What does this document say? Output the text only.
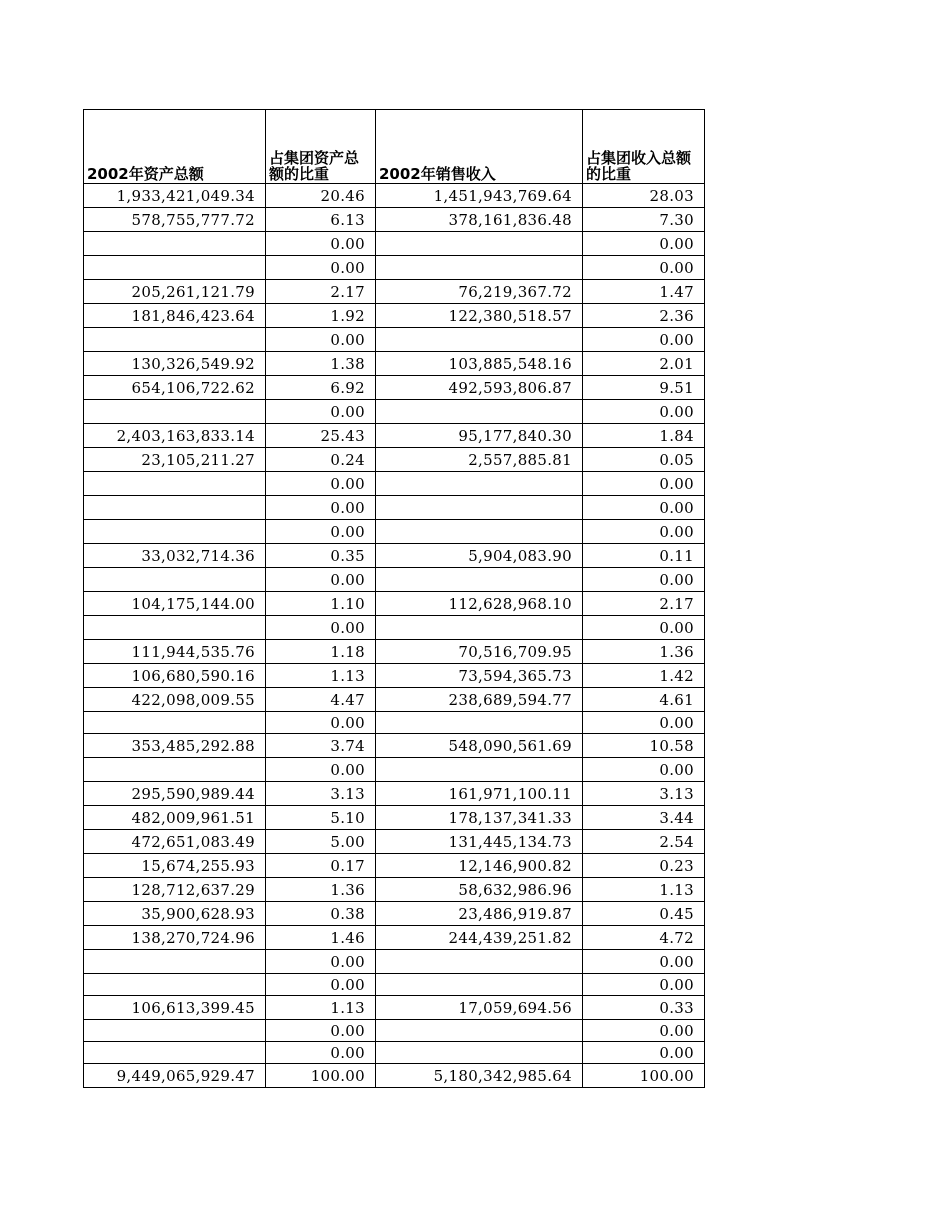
2002年资产总额	占集团资产总额的比重	2002年销售收入	占集团收入总额的比重
1,933,421,049.34	20.46	1,451,943,769.64	28.03
578,755,777.72	6.13	378,161,836.48	7.30
	0.00		0.00
	0.00		0.00
205,261,121.79	2.17	76,219,367.72	1.47
181,846,423.64	1.92	122,380,518.57	2.36
	0.00		0.00
130,326,549.92	1.38	103,885,548.16	2.01
654,106,722.62	6.92	492,593,806.87	9.51
	0.00		0.00
2,403,163,833.14	25.43	95,177,840.30	1.84
23,105,211.27	0.24	2,557,885.81	0.05
	0.00		0.00
	0.00		0.00
	0.00		0.00
33,032,714.36	0.35	5,904,083.90	0.11
	0.00		0.00
104,175,144.00	1.10	112,628,968.10	2.17
	0.00		0.00
111,944,535.76	1.18	70,516,709.95	1.36
106,680,590.16	1.13	73,594,365.73	1.42
422,098,009.55	4.47	238,689,594.77	4.61
	0.00		0.00
353,485,292.88	3.74	548,090,561.69	10.58
	0.00		0.00
295,590,989.44	3.13	161,971,100.11	3.13
482,009,961.51	5.10	178,137,341.33	3.44
472,651,083.49	5.00	131,445,134.73	2.54
15,674,255.93	0.17	12,146,900.82	0.23
128,712,637.29	1.36	58,632,986.96	1.13
35,900,628.93	0.38	23,486,919.87	0.45
138,270,724.96	1.46	244,439,251.82	4.72
	0.00		0.00
	0.00		0.00
106,613,399.45	1.13	17,059,694.56	0.33
	0.00		0.00
	0.00		0.00
9,449,065,929.47	100.00	5,180,342,985.64	100.00
